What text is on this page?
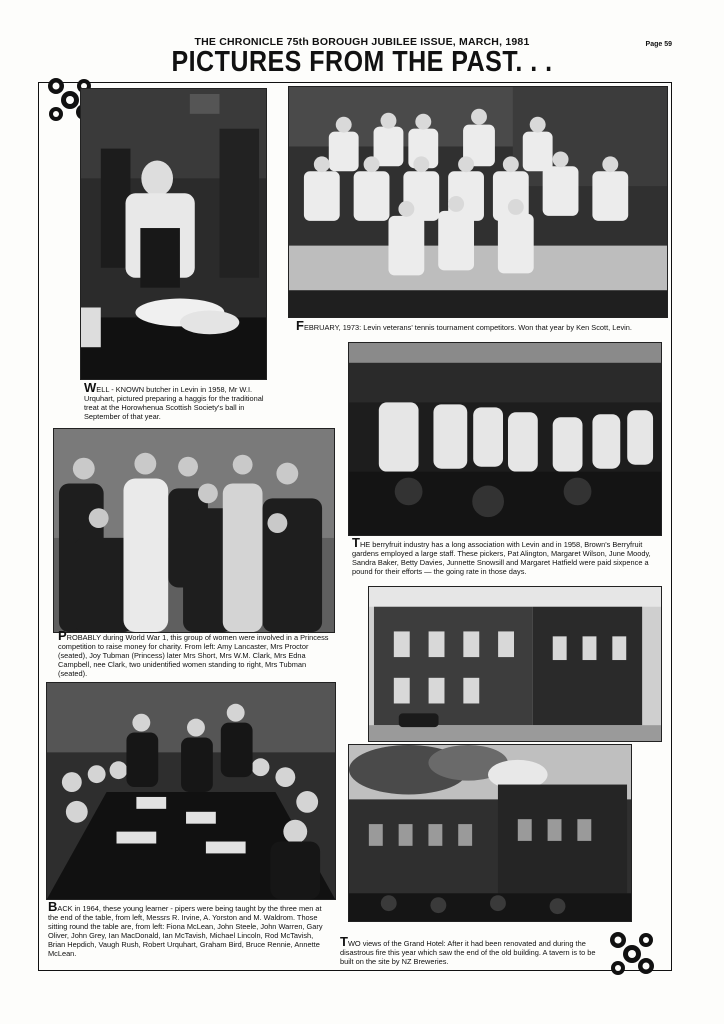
THE CHRONICLE 75th BOROUGH JUBILEE ISSUE, MARCH, 1981	Page 59
PICTURES FROM THE PAST. . .
FEBRUARY, 1973: Levin veterans' tennis tournament competitors. Won that year by Ken Scott, Levin.
WELL - KNOWN butcher in Levin in 1958, Mr W.I. Urquhart, pictured preparing a haggis for the traditional treat at the Horowhenua Scottish Society's ball in September of that year.
THE berryfruit industry has a long association with Levin and in 1958, Brown's Berryfruit gardens employed a large staff. These pickers, Pat Alington, Margaret Wilson, June Moody, Sandra Baker, Betty Davies, Junnette Snowsill and Margaret Hatfield were paid sixpence a pound for their efforts — the going rate in those days.
PROBABLY during World War 1, this group of women were involved in a Princess competition to raise money for charity. From left: Amy Lancaster, Mrs Proctor (seated), Joy Tubman (Princess) later Mrs Short, Mrs W.M. Clark, Mrs Edna Campbell, nee Clark, two unidentified women standing to right, Mrs Tubman (seated).
BACK in 1964, these young learner - pipers were being taught by the three men at the end of the table, from left, Messrs R. Irvine, A. Yorston and M. Waldrom. Those sitting round the table are, from left: Fiona McLean, John Steele, John Warren, Gary Oliver, John Grey, Ian MacDonald, Ian McTavish, Michael Lincoln, Rod McTavish, Brian Hepdich, Vaugh Rush, Robert Urquhart, Graham Bird, Bruce Rennie, Annette McLean.
TWO views of the Grand Hotel: After it had been renovated and during the disastrous fire this year which saw the end of the old building. A tavern is to be built on the site by NZ Breweries.
